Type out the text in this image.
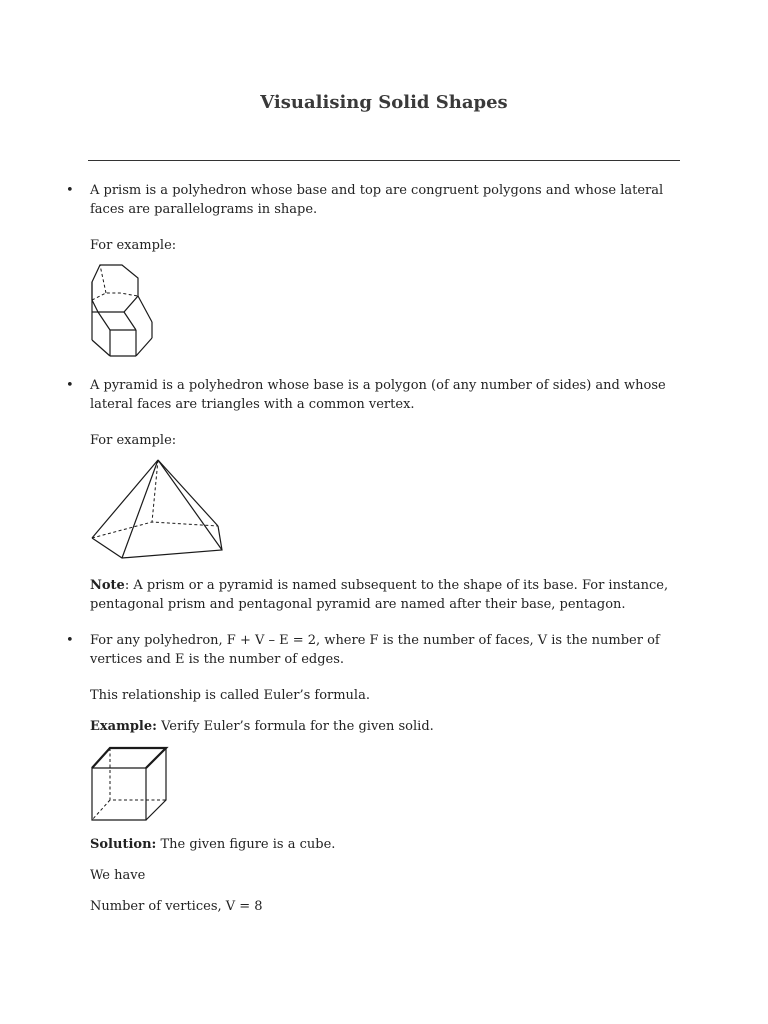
Visualising Solid Shapes
• A prism is a polyhedron whose base and top are congruent polygons and whose lateral faces are parallelograms in shape.

For example:

• A pyramid is a polyhedron whose base is a polygon (of any number of sides) and whose lateral faces are triangles with a common vertex.

For example:

Note: A prism or a pyramid is named subsequent to the shape of its base. For instance, pentagonal prism and pentagonal pyramid are named after their base, pentagon.

• For any polyhedron, F + V – E = 2, where F is the number of faces, V is the number of vertices and E is the number of edges.

This relationship is called Euler’s formula.

Example: Verify Euler’s formula for the given solid.

Solution: The given figure is a cube.

We have

Number of vertices, V = 8
